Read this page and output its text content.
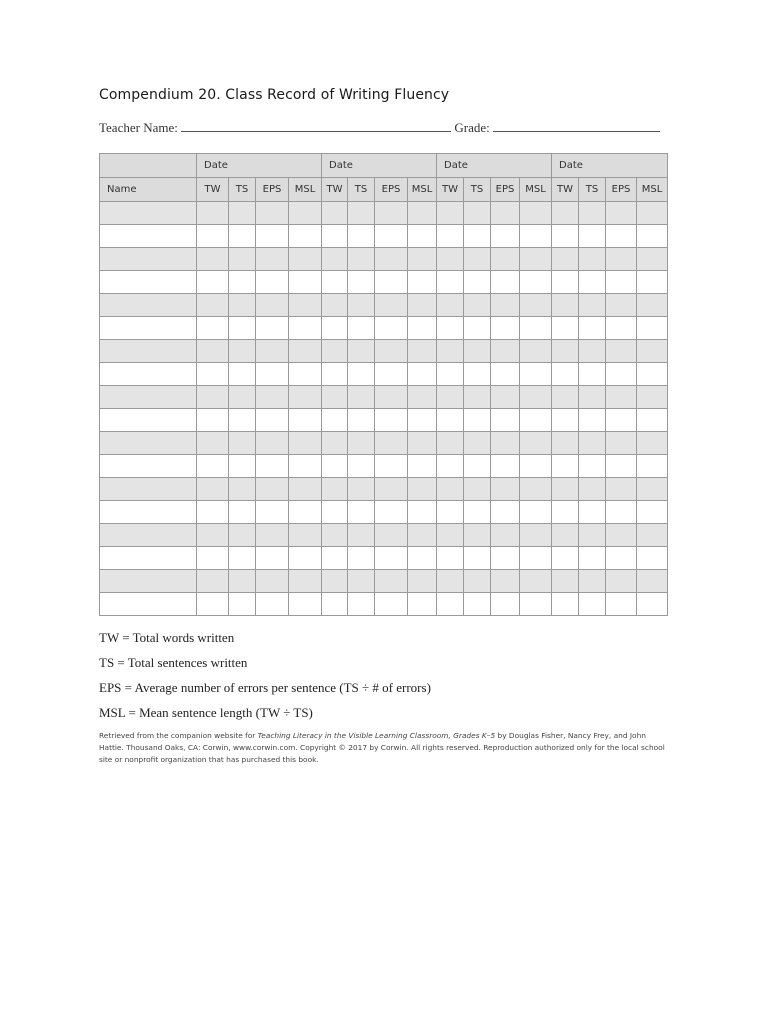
Compendium 20. Class Record of Writing Fluency
Teacher Name:	Grade:
	Date				Date				Date				Date			
Name	TW	TS	EPS	MSL	TW	TS	EPS	MSL	TW	TS	EPS	MSL	TW	TS	EPS	MSL

TW = Total words written
TS = Total sentences written
EPS = Average number of errors per sentence (TS ÷ # of errors)
MSL = Mean sentence length (TW ÷ TS)
Retrieved from the companion website for Teaching Literacy in the Visible Learning Classroom, Grades K–5 by Douglas Fisher, Nancy Frey, and John Hattie. Thousand Oaks, CA: Corwin, www.corwin.com. Copyright © 2017 by Corwin. All rights reserved. Reproduction authorized only for the local school site or nonprofit organization that has purchased this book.
